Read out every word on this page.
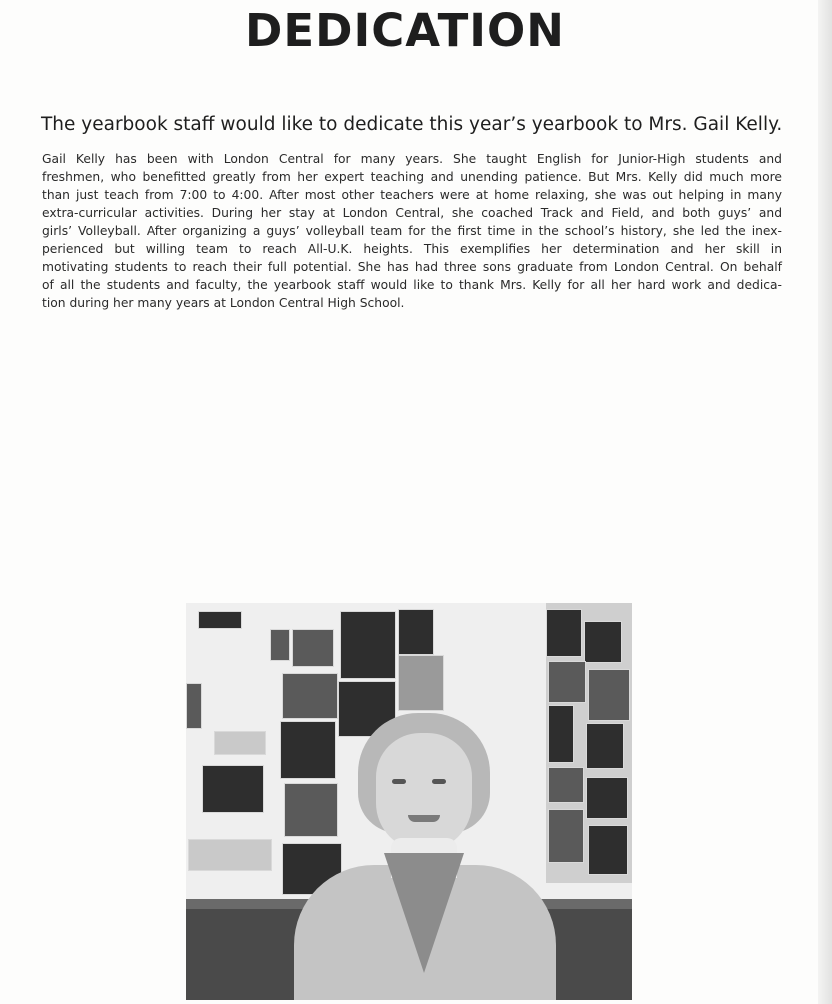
DEDICATION
The yearbook staff would like to dedicate this year’s yearbook to Mrs. Gail Kelly.
Gail Kelly has been with London Central for many years. She taught English for Junior-High students and
freshmen, who benefitted greatly from her expert teaching and unending patience. But Mrs. Kelly did much more
than just teach from 7:00 to 4:00. After most other teachers were at home relaxing, she was out helping in many
extra-curricular activities. During her stay at London Central, she coached Track and Field, and both guys’ and
girls’ Volleyball. After organizing a guys’ volleyball team for the first time in the school’s history, she led the inex-
perienced but willing team to reach All-U.K. heights. This exemplifies her determination and her skill in
motivating students to reach their full potential. She has had three sons graduate from London Central. On behalf
of all the students and faculty, the yearbook staff would like to thank Mrs. Kelly for all her hard work and dedica-
tion during her many years at London Central High School.
